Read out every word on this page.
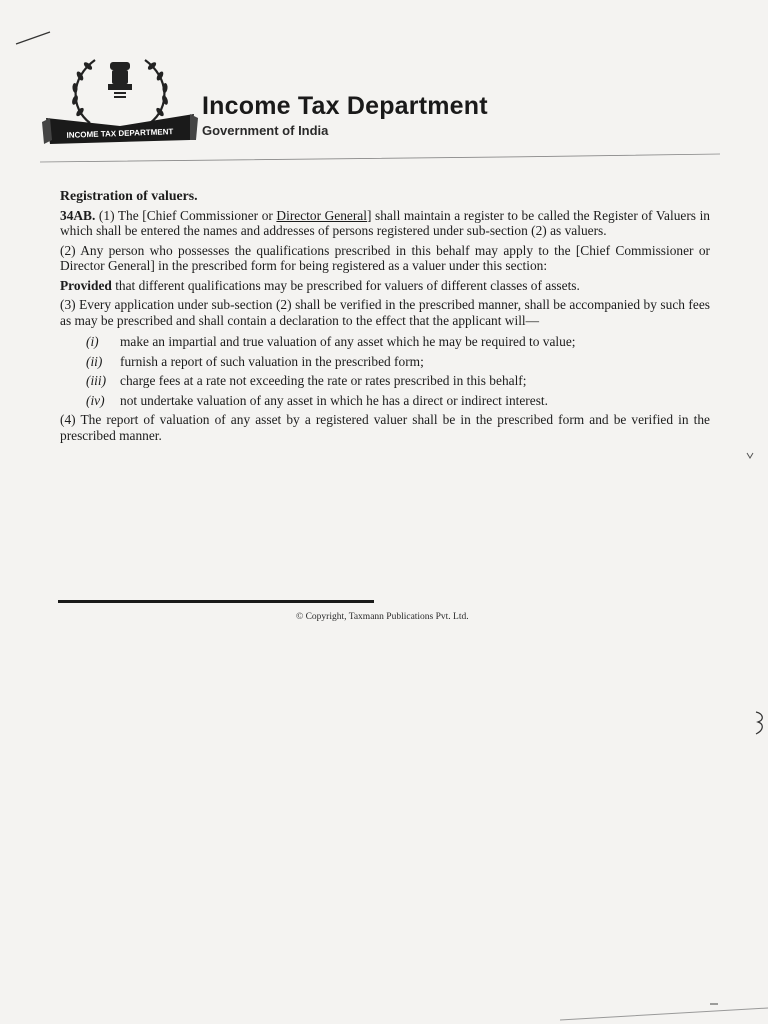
INCOME TAX DEPARTMENT
Income Tax Department
Government of India

Registration of valuers.

34AB. (1) The [Chief Commissioner or Director General] shall maintain a register to be called the Register of Valuers in which shall be entered the names and addresses of persons registered under sub-section (2) as valuers.

(2) Any person who possesses the qualifications prescribed in this behalf may apply to the [Chief Commissioner or Director General] in the prescribed form for being registered as a valuer under this section:

Provided that different qualifications may be prescribed for valuers of different classes of assets.

(3) Every application under sub-section (2) shall be verified in the prescribed manner, shall be accompanied by such fees as may be prescribed and shall contain a declaration to the effect that the applicant will—

(i)	make an impartial and true valuation of any asset which he may be required to value;
(ii)	furnish a report of such valuation in the prescribed form;
(iii)	charge fees at a rate not exceeding the rate or rates prescribed in this behalf;
(iv)	not undertake valuation of any asset in which he has a direct or indirect interest.

(4) The report of valuation of any asset by a registered valuer shall be in the prescribed form and be verified in the prescribed manner.

© Copyright, Taxmann Publications Pvt. Ltd.
